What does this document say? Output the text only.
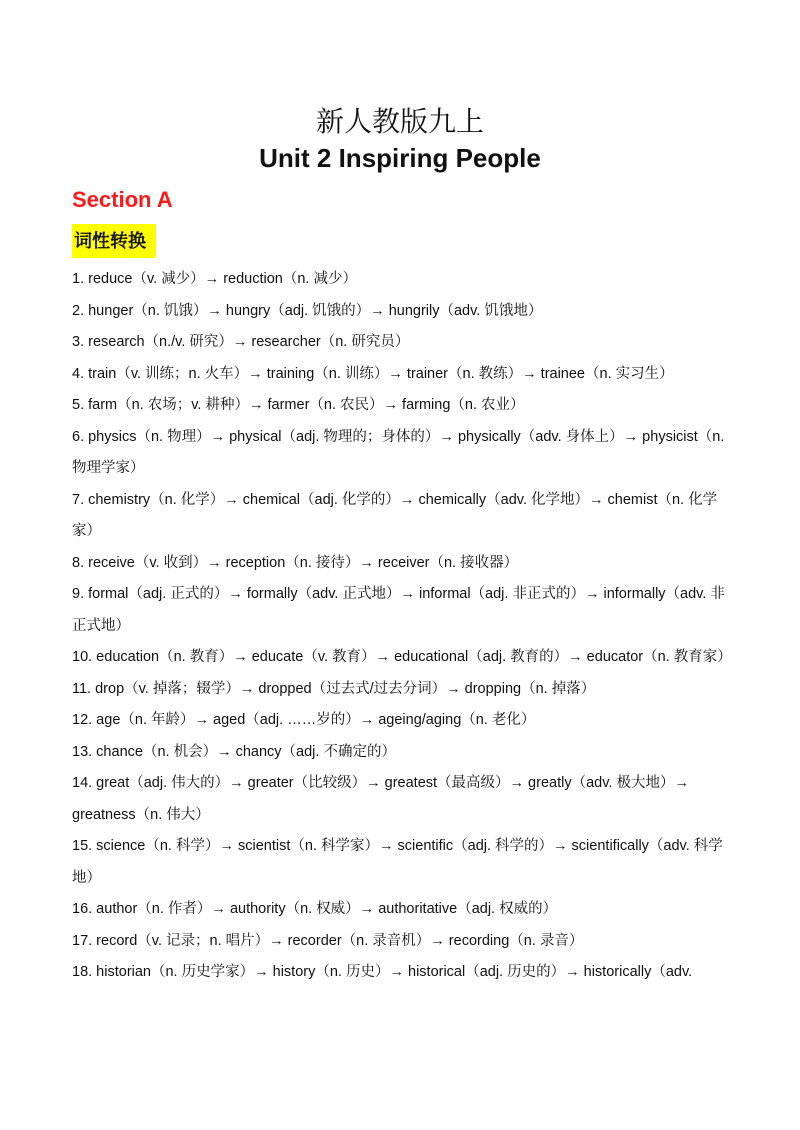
新人教版九上
Unit 2 Inspiring People
Section A
词性转换
1. reduce（v. 减少）→ reduction（n. 减少）
2. hunger（n. 饥饿）→ hungry（adj. 饥饿的）→ hungrily（adv. 饥饿地）
3. research（n./v. 研究）→ researcher（n. 研究员）
4. train（v. 训练；n. 火车）→ training（n. 训练）→ trainer（n. 教练）→ trainee（n. 实习生）
5. farm（n. 农场；v. 耕种）→ farmer（n. 农民）→ farming（n. 农业）
6. physics（n. 物理）→ physical（adj. 物理的；身体的）→ physically（adv. 身体上）→ physicist（n. 物理学家）
7. chemistry（n. 化学）→ chemical（adj. 化学的）→ chemically（adv. 化学地）→ chemist（n. 化学家）
8. receive（v. 收到）→ reception（n. 接待）→ receiver（n. 接收器）
9. formal（adj. 正式的）→ formally（adv. 正式地）→ informal（adj. 非正式的）→ informally（adv. 非正式地）
10. education（n. 教育）→ educate（v. 教育）→ educational（adj. 教育的）→ educator（n. 教育家）
11. drop（v. 掉落；辍学）→ dropped（过去式/过去分词）→ dropping（n. 掉落）
12. age（n. 年龄）→ aged（adj. ……岁的）→ ageing/aging（n. 老化）
13. chance（n. 机会）→ chancy（adj. 不确定的）
14. great（adj. 伟大的）→ greater（比较级）→ greatest（最高级）→ greatly（adv. 极大地）→ greatness（n. 伟大）
15. science（n. 科学）→ scientist（n. 科学家）→ scientific（adj. 科学的）→ scientifically（adv. 科学地）
16. author（n. 作者）→ authority（n. 权威）→ authoritative（adj. 权威的）
17. record（v. 记录；n. 唱片）→ recorder（n. 录音机）→ recording（n. 录音）
18. historian（n. 历史学家）→ history（n. 历史）→ historical（adj. 历史的）→ historically（adv.
